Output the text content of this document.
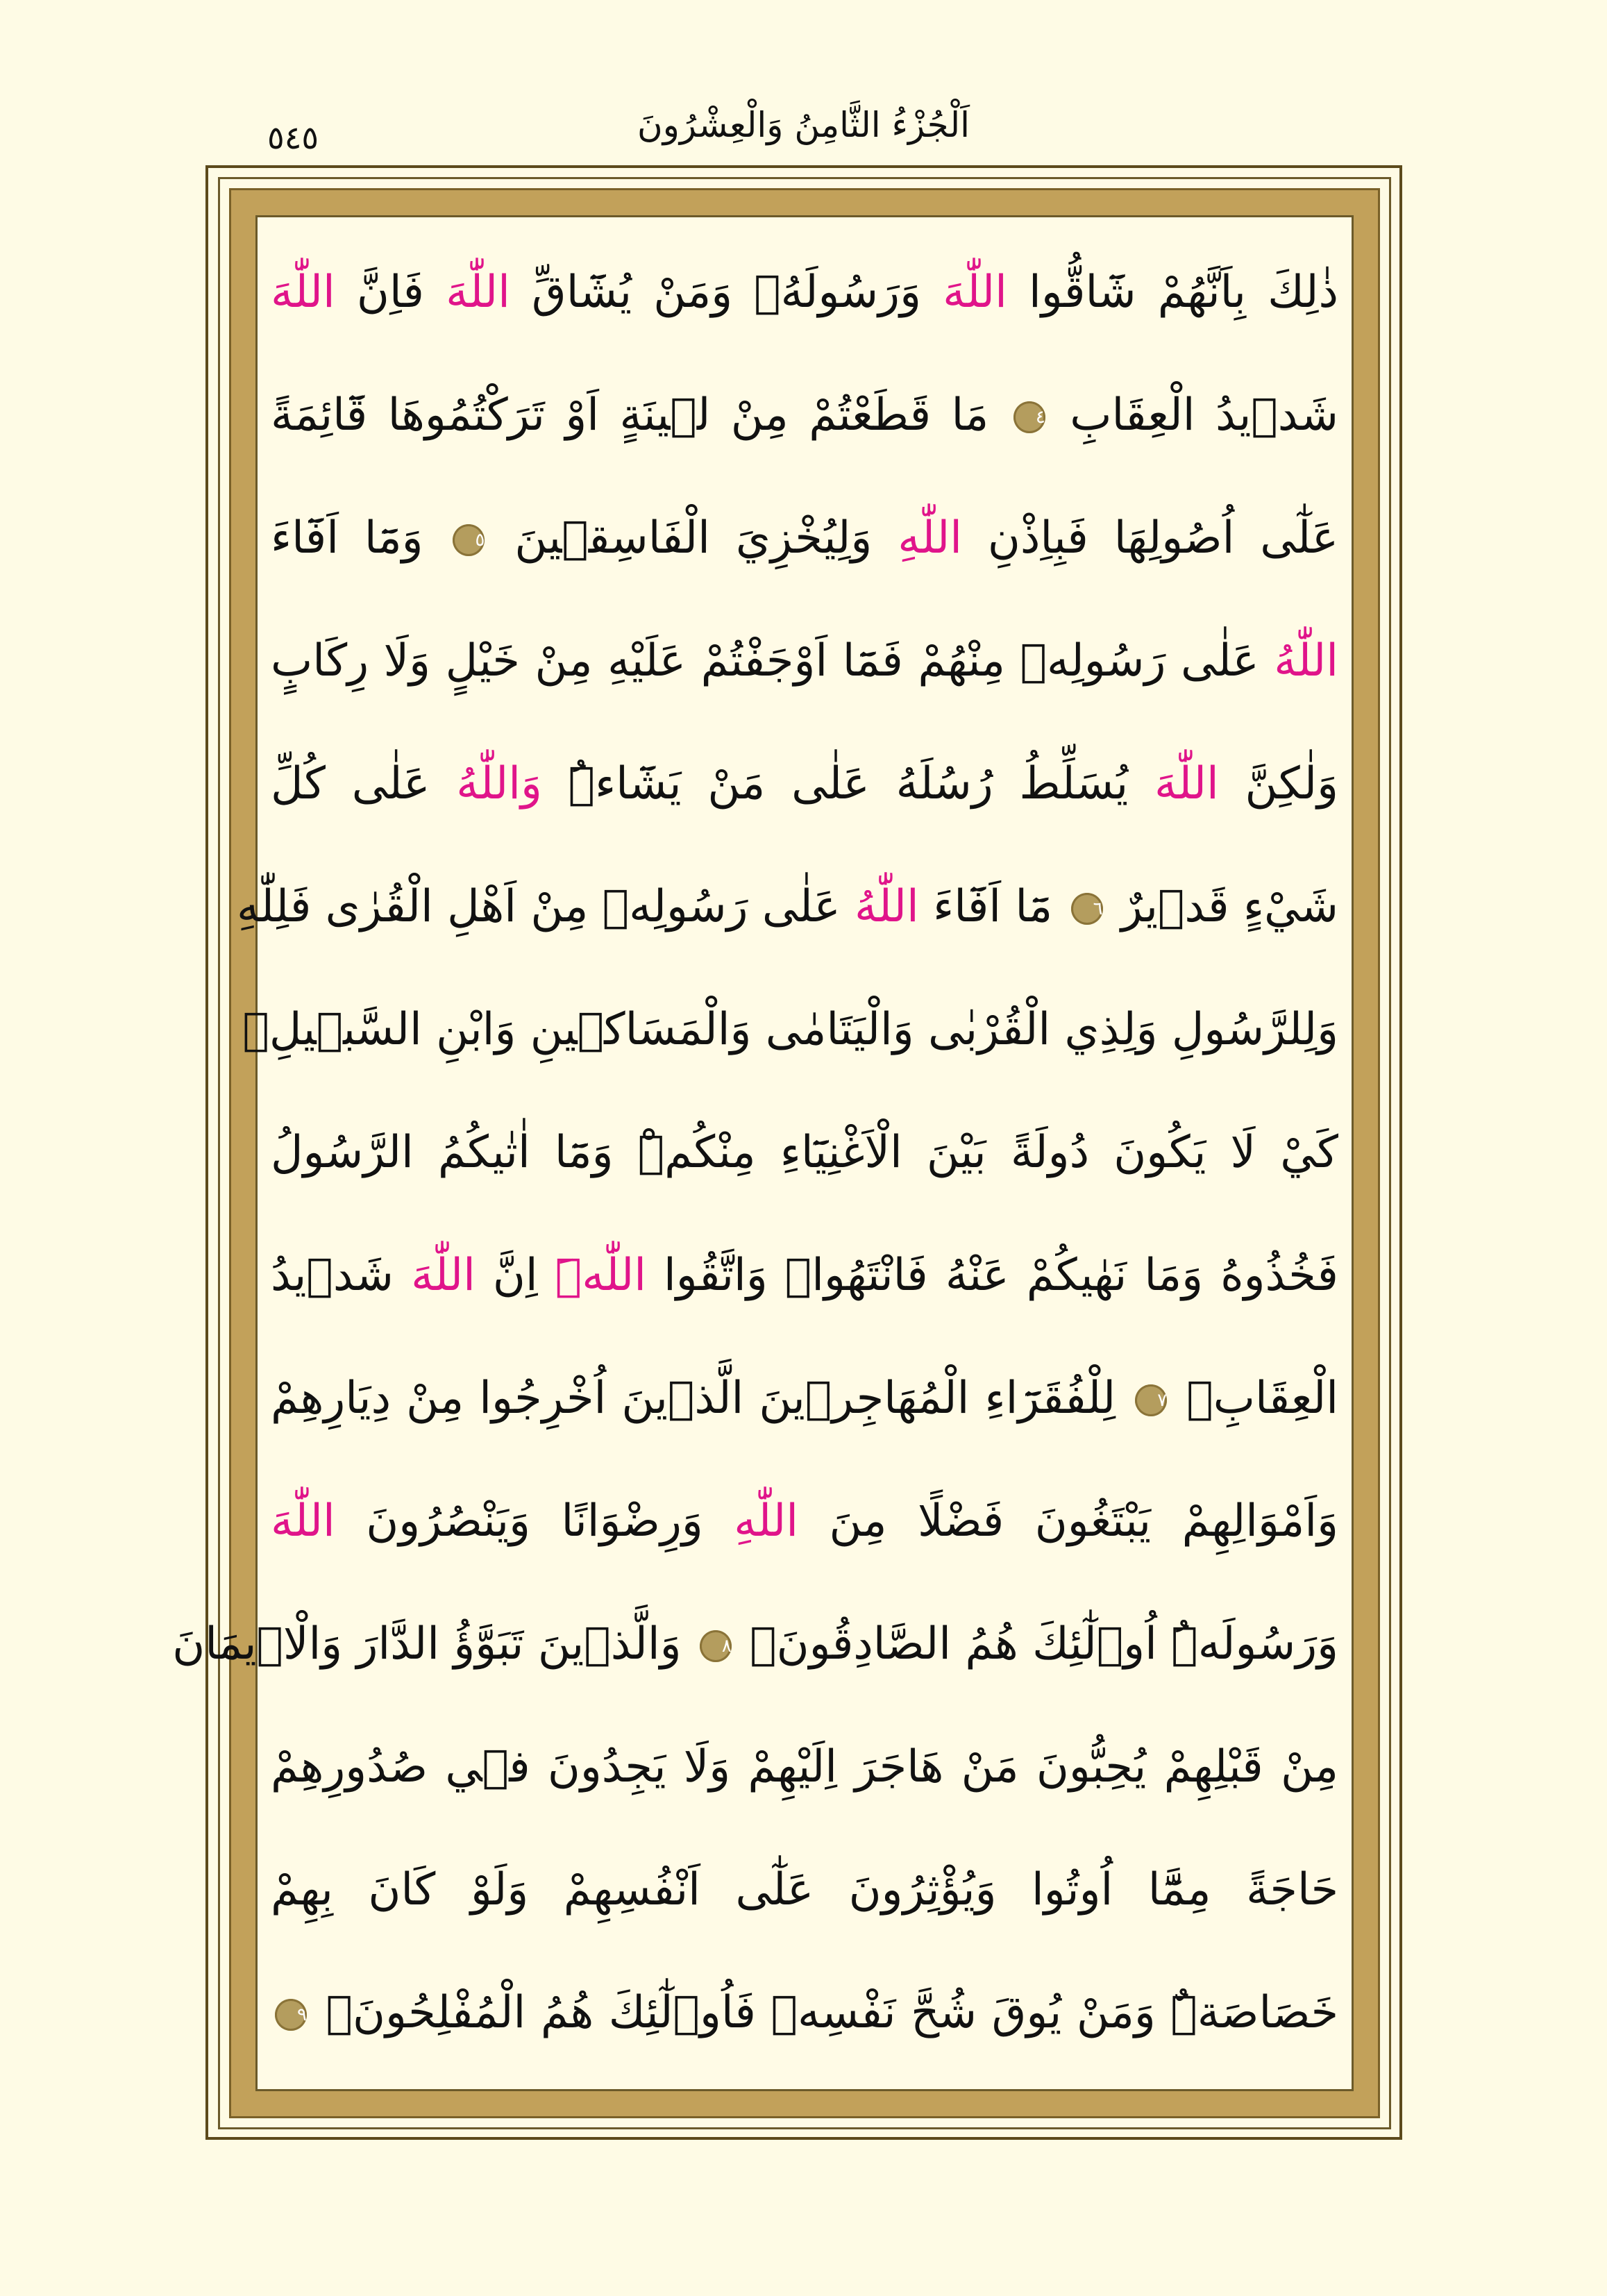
اَلْجُزْءُ الثَّامِنُ وَالْعِشْرُونَ
٥٤٥
ذٰلِكَ بِاَنَّهُمْ شَٓاقُّوا اللّٰهَ وَرَسُولَهُۚ وَمَنْ يُشَٓاقِّ اللّٰهَ فَاِنَّ اللّٰهَ
شَد۪يدُ الْعِقَابِ ٤ مَا قَطَعْتُمْ مِنْ ل۪ينَةٍ اَوْ تَرَكْتُمُوهَا قَٓائِمَةً
عَلٰٓى اُصُولِهَا فَبِاِذْنِ اللّٰهِ وَلِيُخْزِيَ الْفَاسِق۪ينَ ٥ وَمَٓا اَفَٓاءَ
اللّٰهُ عَلٰى رَسُولِه۪ مِنْهُمْ فَمَٓا اَوْجَفْتُمْ عَلَيْهِ مِنْ خَيْلٍ وَلَا رِكَابٍ
وَلٰكِنَّ اللّٰهَ يُسَلِّطُ رُسُلَهُ عَلٰى مَنْ يَشَٓاءُۜ وَاللّٰهُ عَلٰى كُلِّ
شَيْءٍ قَد۪يرٌ ٦ مَٓا اَفَٓاءَ اللّٰهُ عَلٰى رَسُولِه۪ مِنْ اَهْلِ الْقُرٰى فَلِلّٰهِ
وَلِلرَّسُولِ وَلِذِي الْقُرْبٰى وَالْيَتَامٰى وَالْمَسَاك۪ينِ وَابْنِ السَّب۪يلِۙ
كَيْ لَا يَكُونَ دُولَةً بَيْنَ الْاَغْنِيَٓاءِ مِنْكُمْۜ وَمَٓا اٰتٰيكُمُ الرَّسُولُ
فَخُذُوهُ وَمَا نَهٰيكُمْ عَنْهُ فَانْتَهُواۚ وَاتَّقُوا اللّٰهَۜ اِنَّ اللّٰهَ شَد۪يدُ
الْعِقَابِۢ ٧ لِلْفُقَرَٓاءِ الْمُهَاجِر۪ينَ الَّذ۪ينَ اُخْرِجُوا مِنْ دِيَارِهِمْ
وَاَمْوَالِهِمْ يَبْتَغُونَ فَضْلًا مِنَ اللّٰهِ وَرِضْوَانًا وَيَنْصُرُونَ اللّٰهَ
وَرَسُولَهُۜ اُو۬لٰٓئِكَ هُمُ الصَّادِقُونَۚ ٨ وَالَّذ۪ينَ تَبَوَّؤُ الدَّارَ وَالْا۪يمَانَ
مِنْ قَبْلِهِمْ يُحِبُّونَ مَنْ هَاجَرَ اِلَيْهِمْ وَلَا يَجِدُونَ ف۪ي صُدُورِهِمْ
حَاجَةً مِمَّٓا اُوتُوا وَيُؤْثِرُونَ عَلٰٓى اَنْفُسِهِمْ وَلَوْ كَانَ بِهِمْ
خَصَاصَةٌۜ وَمَنْ يُوقَ شُحَّ نَفْسِه۪ فَاُو۬لٰٓئِكَ هُمُ الْمُفْلِحُونَۚ ٩
